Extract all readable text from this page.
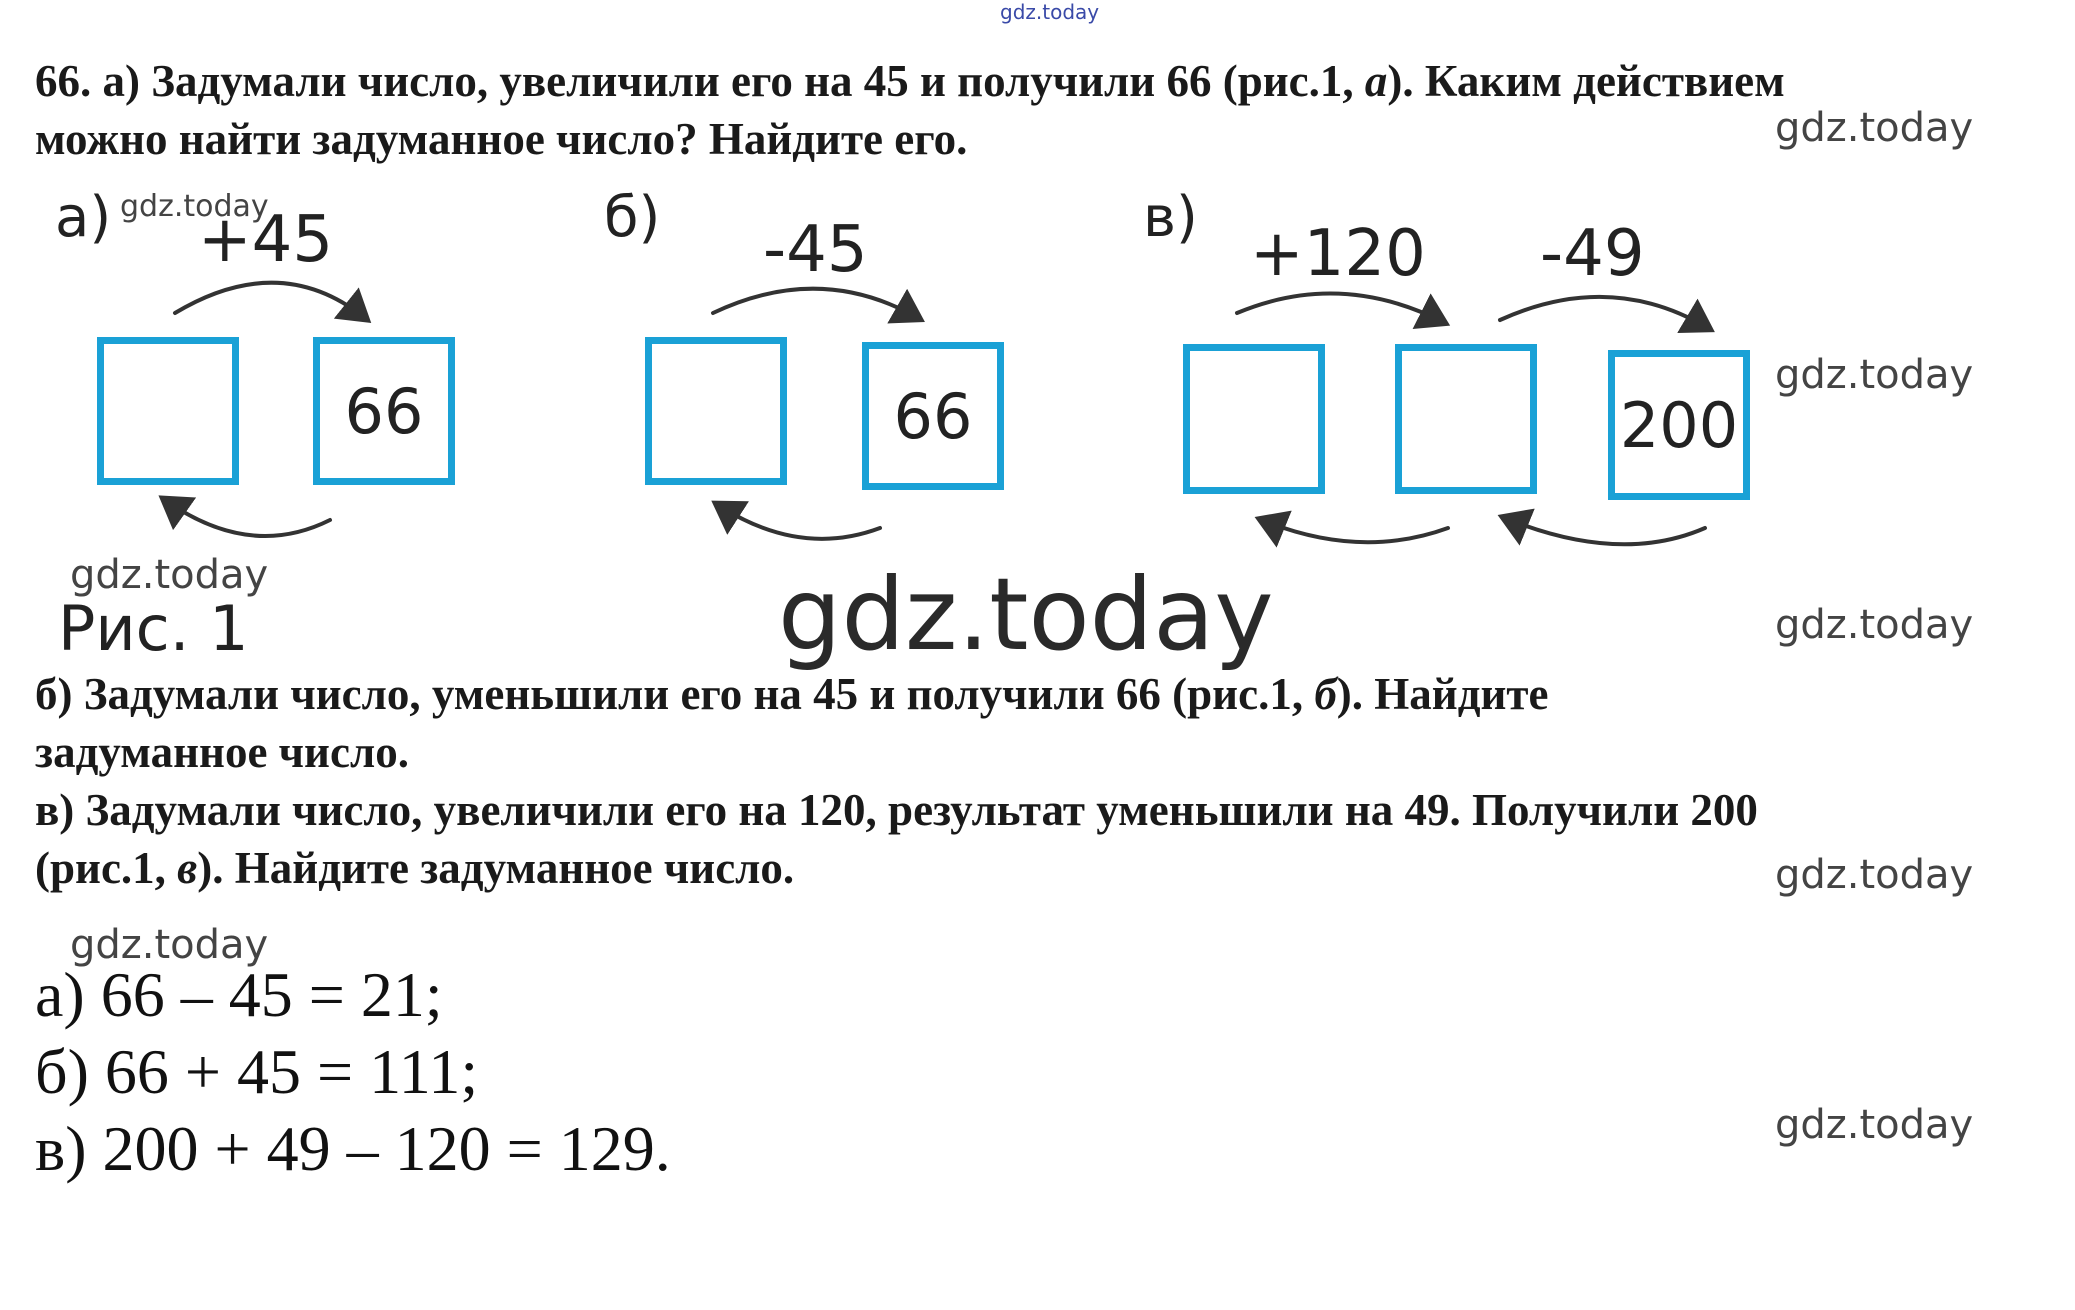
gdz.today

66. а) Задумали число, увеличили его на 45 и получили 66 (рис.1, а). Каким действием
можно найти задуманное число? Найдите его.	gdz.today
gdz.today
gdz.today
gdz.today
gdz.today
gdz.today
gdz.today
gdz.today
gdz.today
а) +45
66
б) -45
66
в) +120 -49
200
Рис. 1

б) Задумали число, уменьшили его на 45 и получили 66 (рис.1, б). Найдите
задуманное число.

в) Задумали число, увеличили его на 120, результат уменьшили на 49. Получили 200
(рис.1, в). Найдите задуманное число.

а) 66 – 45 = 21;
б) 66 + 45 = 111;
в) 200 + 49 – 120 = 129.
